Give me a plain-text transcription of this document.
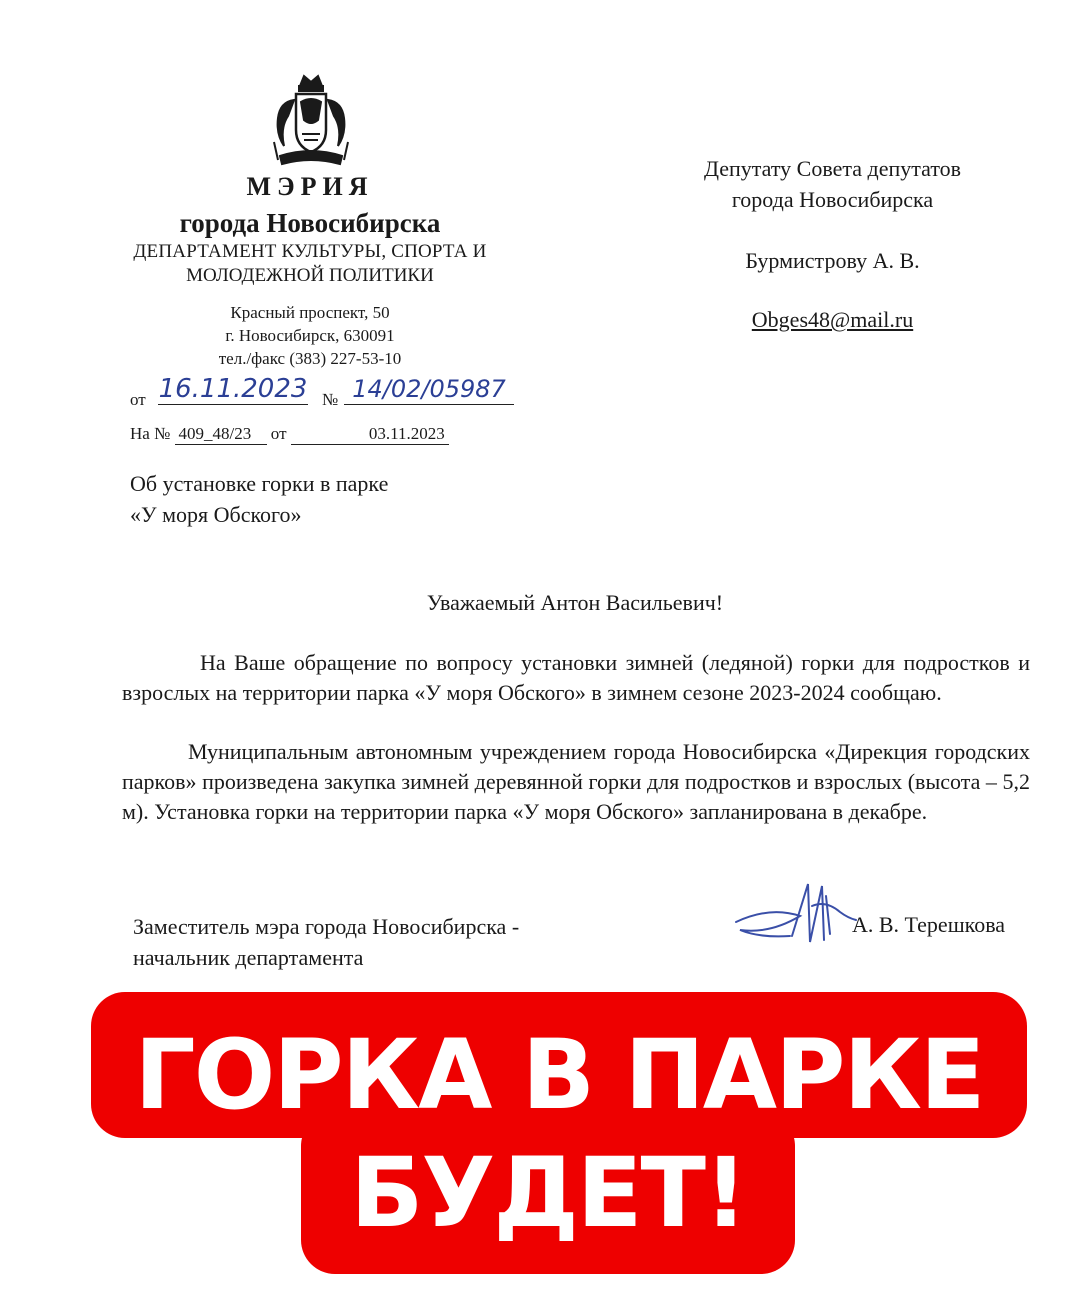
МЭРИЯ
города Новосибирска
ДЕПАРТАМЕНТ КУЛЬТУРЫ, СПОРТА И
МОЛОДЕЖНОЙ ПОЛИТИКИ
Красный проспект, 50
г. Новосибирск, 630091
тел./факс (383) 227-53-10
от 16.11.2023 № 14/02/05987
На № 409_48/23 от	03.11.2023
Об установке горки в парке
«У моря Обского»
Депутату Совета депутатов
города Новосибирска
Бурмистрову А. В.
Obges48@mail.ru
Уважаемый Антон Васильевич!
На Ваше обращение по вопросу установки зимней (ледяной) горки для подростков и взрослых на территории парка «У моря Обского» в зимнем сезоне 2023-2024 сообщаю.
Муниципальным автономным учреждением города Новосибирска «Дирекция городских парков» произведена закупка зимней деревянной горки для подростков и взрослых (высота – 5,2 м). Установка горки на территории парка «У моря Обского» запланирована в декабре.
Заместитель мэра города Новосибирска -
начальник департамента
А. В. Терешкова
ГОРКА В ПАРКЕ
БУДЕТ!
